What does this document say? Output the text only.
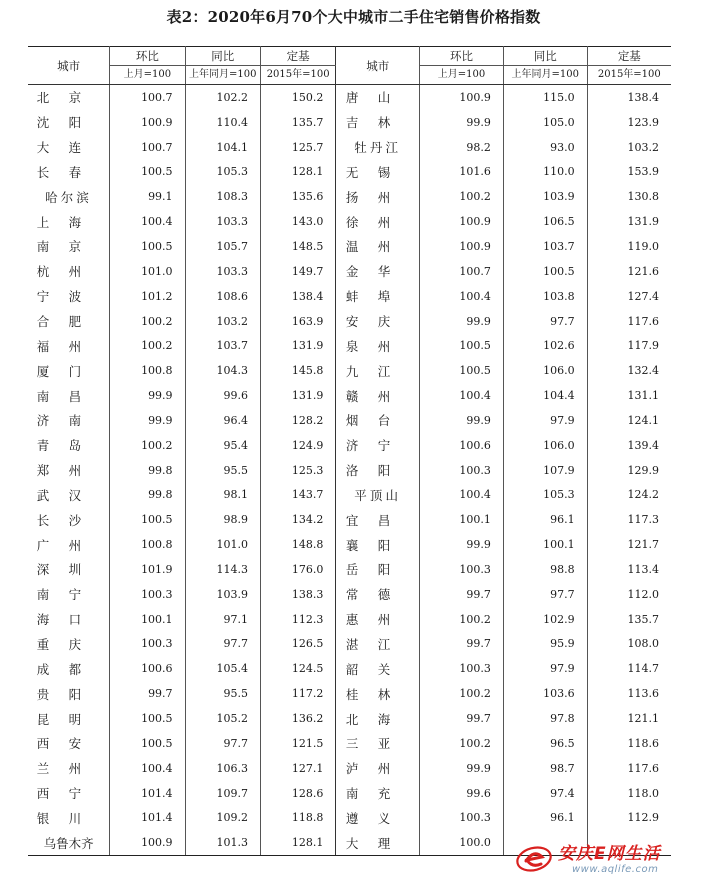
表2：2020年6月70个大中城市二手住宅销售价格指数
城市	环比	同比	定基	城市	环比	同比	定基
	上月=100	上年同月=100	2015年=100		上月=100	上年同月=100	2015年=100
北京	100.7	102.2	150.2	唐山	100.9	115.0	138.4
沈阳	100.9	110.4	135.7	吉林	99.9	105.0	123.9
大连	100.7	104.1	125.7	牡丹江	98.2	93.0	103.2
长春	100.5	105.3	128.1	无锡	101.6	110.0	153.9
哈尔滨	99.1	108.3	135.6	扬州	100.2	103.9	130.8
上海	100.4	103.3	143.0	徐州	100.9	106.5	131.9
南京	100.5	105.7	148.5	温州	100.9	103.7	119.0
杭州	101.0	103.3	149.7	金华	100.7	100.5	121.6
宁波	101.2	108.6	138.4	蚌埠	100.4	103.8	127.4
合肥	100.2	103.2	163.9	安庆	99.9	97.7	117.6
福州	100.2	103.7	131.9	泉州	100.5	102.6	117.9
厦门	100.8	104.3	145.8	九江	100.5	106.0	132.4
南昌	99.9	99.6	131.9	赣州	100.4	104.4	131.1
济南	99.9	96.4	128.2	烟台	99.9	97.9	124.1
青岛	100.2	95.4	124.9	济宁	100.6	106.0	139.4
郑州	99.8	95.5	125.3	洛阳	100.3	107.9	129.9
武汉	99.8	98.1	143.7	平顶山	100.4	105.3	124.2
长沙	100.5	98.9	134.2	宜昌	100.1	96.1	117.3
广州	100.8	101.0	148.8	襄阳	99.9	100.1	121.7
深圳	101.9	114.3	176.0	岳阳	100.3	98.8	113.4
南宁	100.3	103.9	138.3	常德	99.7	97.7	112.0
海口	100.1	97.1	112.3	惠州	100.2	102.9	135.7
重庆	100.3	97.7	126.5	湛江	99.7	95.9	108.0
成都	100.6	105.4	124.5	韶关	100.3	97.9	114.7
贵阳	99.7	95.5	117.2	桂林	100.2	103.6	113.6
昆明	100.5	105.2	136.2	北海	99.7	97.8	121.1
西安	100.5	97.7	121.5	三亚	100.2	96.5	118.6
兰州	100.4	106.3	127.1	泸州	99.9	98.7	117.6
西宁	101.4	109.7	128.6	南充	99.6	97.4	118.0
银川	101.4	109.2	118.8	遵义	100.3	96.1	112.9
乌鲁木齐	100.9	101.3	128.1	大理	100.0		
安庆E网生活
www.aqlife.com
